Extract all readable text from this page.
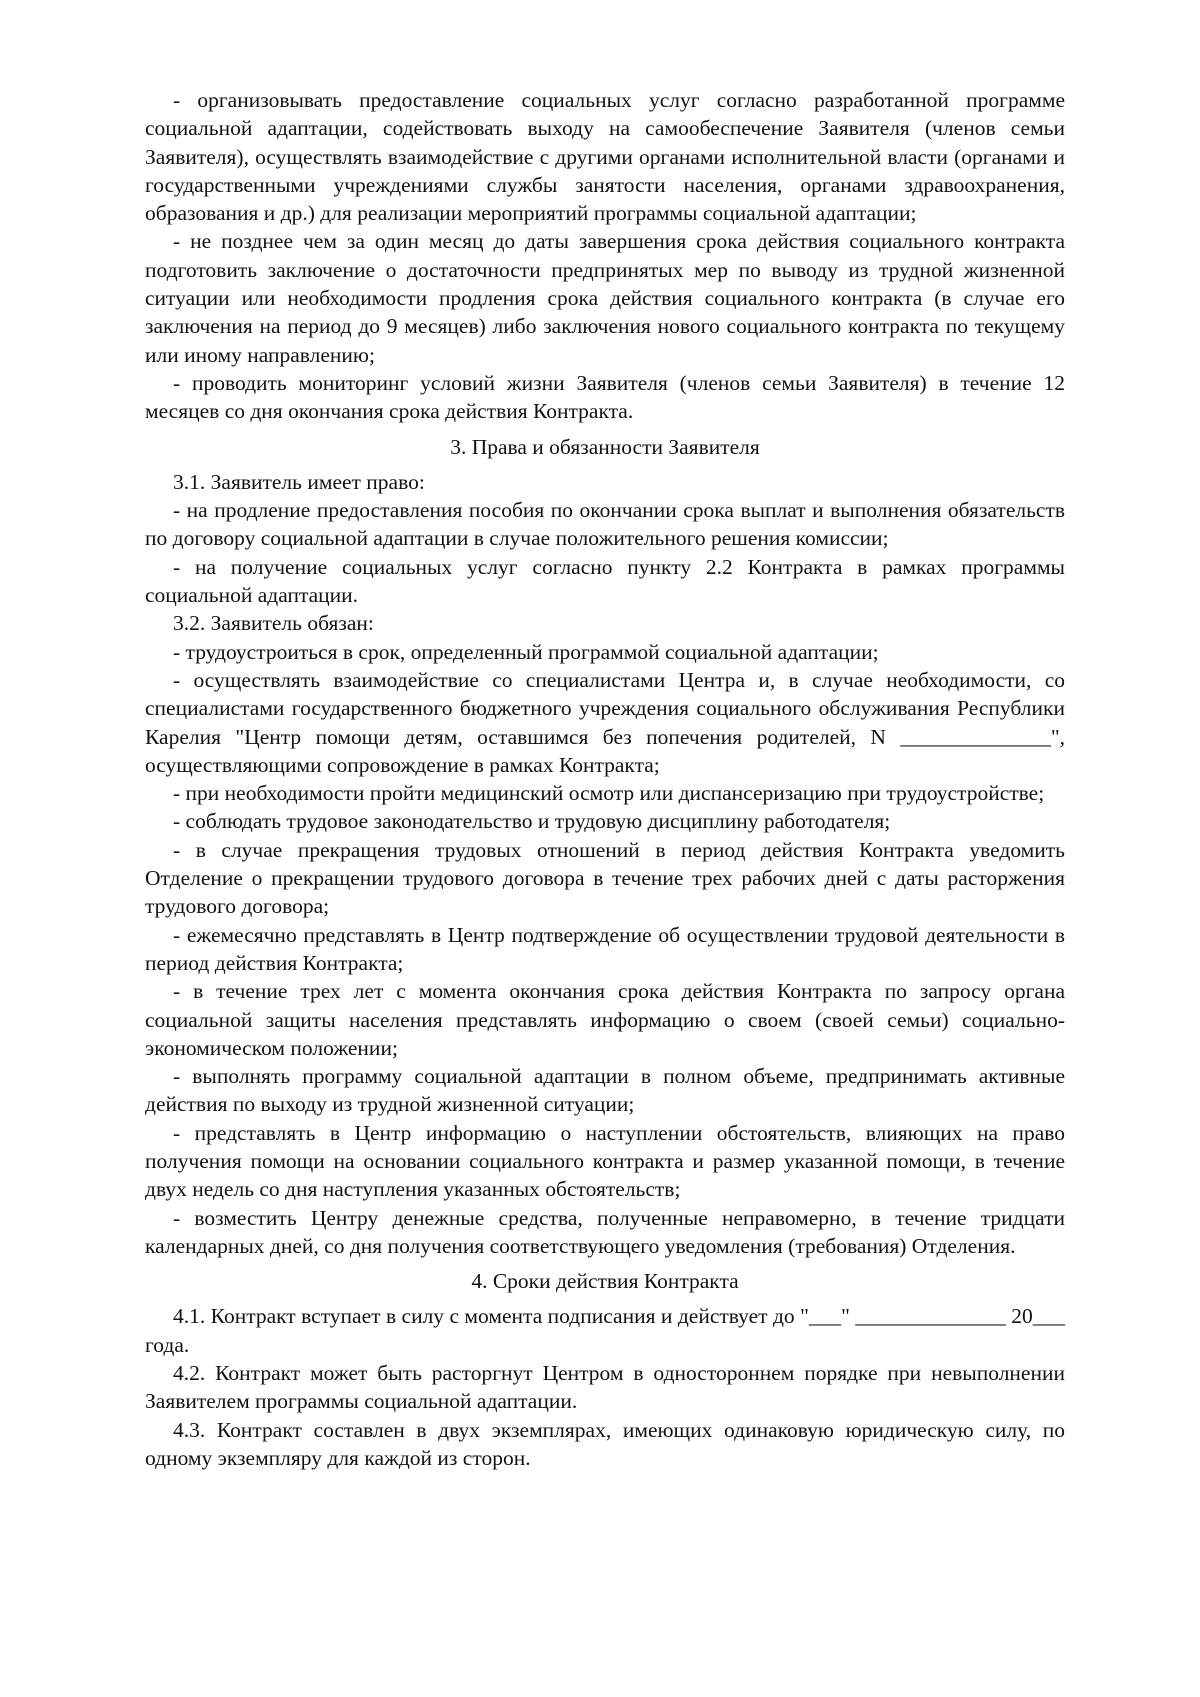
- организовывать предоставление социальных услуг согласно разработанной программе социальной адаптации, содействовать выходу на самообеспечение Заявителя (членов семьи Заявителя), осуществлять взаимодействие с другими органами исполнительной власти (органами и государственными учреждениями службы занятости населения, органами здравоохранения, образования и др.) для реализации мероприятий программы социальной адаптации;

- не позднее чем за один месяц до даты завершения срока действия социального контракта подготовить заключение о достаточности предпринятых мер по выводу из трудной жизненной ситуации или необходимости продления срока действия социального контракта (в случае его заключения на период до 9 месяцев) либо заключения нового социального контракта по текущему или иному направлению;

- проводить мониторинг условий жизни Заявителя (членов семьи Заявителя) в течение 12 месяцев со дня окончания срока действия Контракта.

3. Права и обязанности Заявителя

3.1. Заявитель имеет право:

- на продление предоставления пособия по окончании срока выплат и выполнения обязательств по договору социальной адаптации в случае положительного решения комиссии;

- на получение социальных услуг согласно пункту 2.2 Контракта в рамках программы социальной адаптации.

3.2. Заявитель обязан:

- трудоустроиться в срок, определенный программой социальной адаптации;

- осуществлять взаимодействие со специалистами Центра и, в случае необходимости, со специалистами государственного бюджетного учреждения социального обслуживания Республики Карелия "Центр помощи детям, оставшимся без попечения родителей, N ______________", осуществляющими сопровождение в рамках Контракта;

- при необходимости пройти медицинский осмотр или диспансеризацию при трудоустройстве;

- соблюдать трудовое законодательство и трудовую дисциплину работодателя;

- в случае прекращения трудовых отношений в период действия Контракта уведомить Отделение о прекращении трудового договора в течение трех рабочих дней с даты расторжения трудового договора;

- ежемесячно представлять в Центр подтверждение об осуществлении трудовой деятельности в период действия Контракта;

- в течение трех лет с момента окончания срока действия Контракта по запросу органа социальной защиты населения представлять информацию о своем (своей семьи) социально-экономическом положении;

- выполнять программу социальной адаптации в полном объеме, предпринимать активные действия по выходу из трудной жизненной ситуации;

- представлять в Центр информацию о наступлении обстоятельств, влияющих на право получения помощи на основании социального контракта и размер указанной помощи, в течение двух недель со дня наступления указанных обстоятельств;

- возместить Центру денежные средства, полученные неправомерно, в течение тридцати календарных дней, со дня получения соответствующего уведомления (требования) Отделения.

4. Сроки действия Контракта

4.1. Контракт вступает в силу с момента подписания и действует до "___" ______________ 20___ года.

4.2. Контракт может быть расторгнут Центром в одностороннем порядке при невыполнении Заявителем программы социальной адаптации.

4.3. Контракт составлен в двух экземплярах, имеющих одинаковую юридическую силу, по одному экземпляру для каждой из сторон.
